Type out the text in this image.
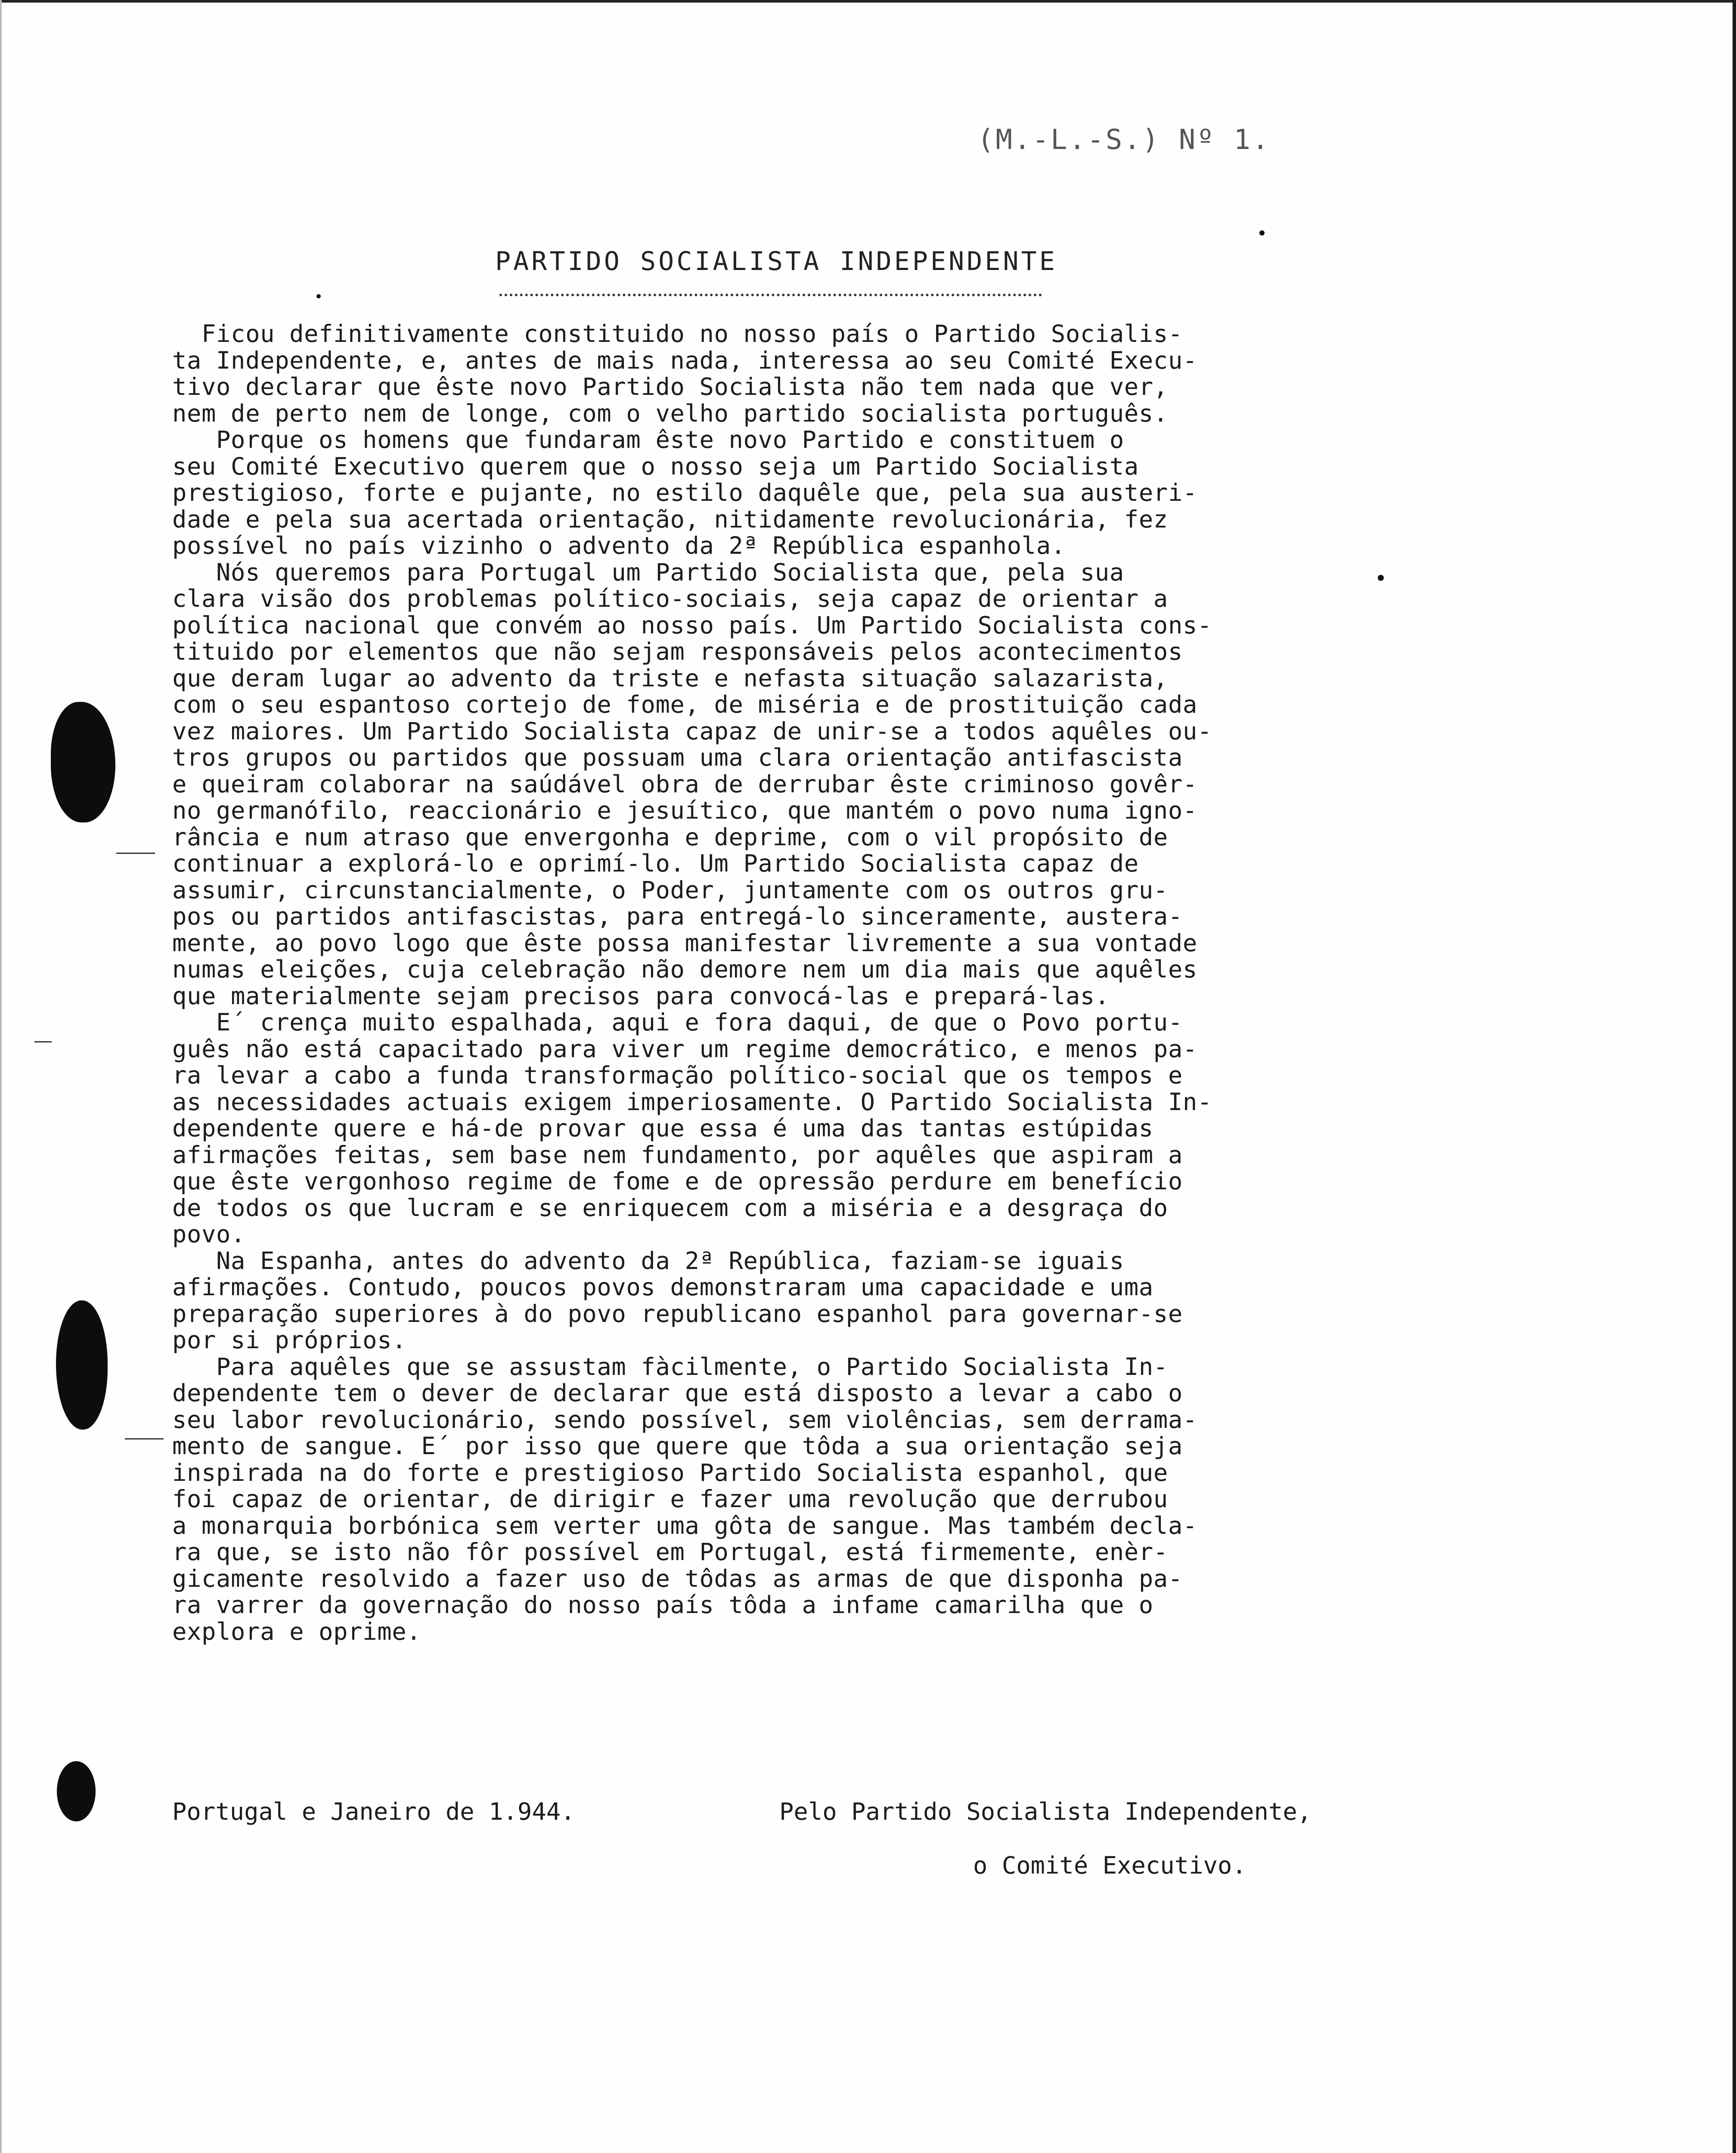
(M.-L.-S.) Nº 1.
PARTIDO SOCIALISTA INDEPENDENTE
Ficou definitivamente constituido no nosso país o Partido Socialis-
ta Independente, e, antes de mais nada, interessa ao seu Comité Execu-
tivo declarar que êste novo Partido Socialista não tem nada que ver,
nem de perto nem de longe, com o velho partido socialista português.
Porque os homens que fundaram êste novo Partido e constituem o
seu Comité Executivo querem que o nosso seja um Partido Socialista
prestigioso, forte e pujante, no estilo daquêle que, pela sua austeri-
dade e pela sua acertada orientação, nitidamente revolucionária, fez
possível no país vizinho o advento da 2ª República espanhola.
Nós queremos para Portugal um Partido Socialista que, pela sua
clara visão dos problemas político-sociais, seja capaz de orientar a
política nacional que convém ao nosso país. Um Partido Socialista cons-
tituido por elementos que não sejam responsáveis pelos acontecimentos
que deram lugar ao advento da triste e nefasta situação salazarista,
com o seu espantoso cortejo de fome, de miséria e de prostituição cada
vez maiores. Um Partido Socialista capaz de unir-se a todos aquêles ou-
tros grupos ou partidos que possuam uma clara orientação antifascista
e queiram colaborar na saúdável obra de derrubar êste criminoso govêr-
no germanófilo, reaccionário e jesuítico, que mantém o povo numa igno-
rância e num atraso que envergonha e deprime, com o vil propósito de
continuar a explorá-lo e oprimí-lo. Um Partido Socialista capaz de
assumir, circunstancialmente, o Poder, juntamente com os outros gru-
pos ou partidos antifascistas, para entregá-lo sinceramente, austera-
mente, ao povo logo que êste possa manifestar livremente a sua vontade
numas eleições, cuja celebração não demore nem um dia mais que aquêles
que materialmente sejam precisos para convocá-las e prepará-las.
E´ crença muito espalhada, aqui e fora daqui, de que o Povo portu-
guês não está capacitado para viver um regime democrático, e menos pa-
ra levar a cabo a funda transformação político-social que os tempos e
as necessidades actuais exigem imperiosamente. O Partido Socialista In-
dependente quere e há-de provar que essa é uma das tantas estúpidas
afirmações feitas, sem base nem fundamento, por aquêles que aspiram a
que êste vergonhoso regime de fome e de opressão perdure em benefício
de todos os que lucram e se enriquecem com a miséria e a desgraça do
povo.
Na Espanha, antes do advento da 2ª República, faziam-se iguais
afirmações. Contudo, poucos povos demonstraram uma capacidade e uma
preparação superiores à do povo republicano espanhol para governar-se
por si próprios.
Para aquêles que se assustam fàcilmente, o Partido Socialista In-
dependente tem o dever de declarar que está disposto a levar a cabo o
seu labor revolucionário, sendo possível, sem violências, sem derrama-
mento de sangue. E´ por isso que quere que tôda a sua orientação seja
inspirada na do forte e prestigioso Partido Socialista espanhol, que
foi capaz de orientar, de dirigir e fazer uma revolução que derrubou
a monarquia borbónica sem verter uma gôta de sangue. Mas também decla-
ra que, se isto não fôr possível em Portugal, está firmemente, enèr-
gicamente resolvido a fazer uso de tôdas as armas de que disponha pa-
ra varrer da governação do nosso país tôda a infame camarilha que o
explora e oprime.
Portugal e Janeiro de 1.944.	Pelo Partido Socialista Independente,
o Comité Executivo.
